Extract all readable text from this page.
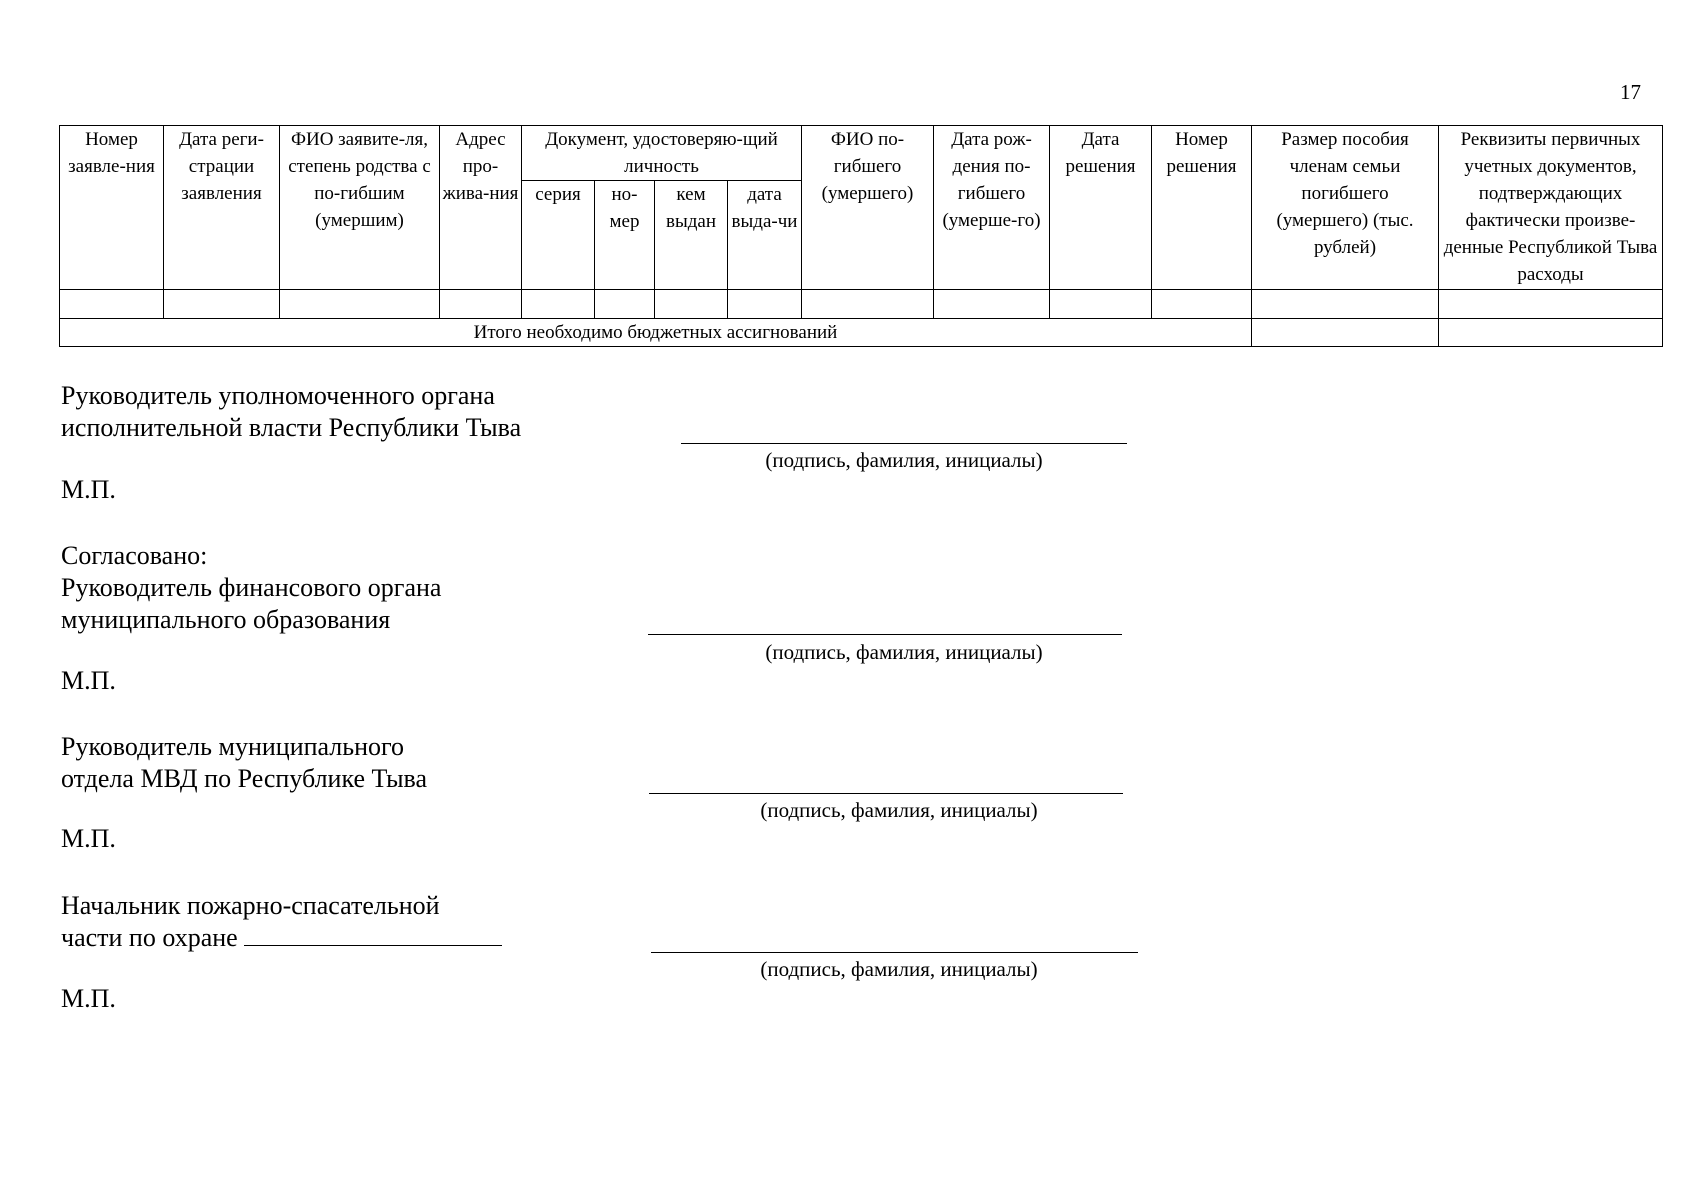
17
Номер заявле-ния	Дата реги-страции заявления	ФИО заявите-ля, степень родства с по-гибшим (умершим)	Адрес про-жива-ния	Документ, удостоверяю-щий личность				ФИО по-гибшего (умершего)	Дата рож-дения по-гибшего (умерше-го)	Дата решения	Номер решения	Размер пособия членам семьи погибшего (умершего) (тыс. рублей)	Реквизиты первичных учетных документов, подтверждающих фактически произве-денные Республикой Тыва расходы
				серия	но-мер	кем выдан	дата выда-чи						

Итого необходимо бюджетных ассигнований													
Руководитель уполномоченного органа
исполнительной власти Республики Тыва
(подпись, фамилия, инициалы)
М.П.
Согласовано:
Руководитель финансового органа
муниципального образования
(подпись, фамилия, инициалы)
М.П.
Руководитель муниципального
отдела МВД по Республике Тыва
(подпись, фамилия, инициалы)
М.П.
Начальник пожарно-спасательной
части по охране
(подпись, фамилия, инициалы)
М.П.
